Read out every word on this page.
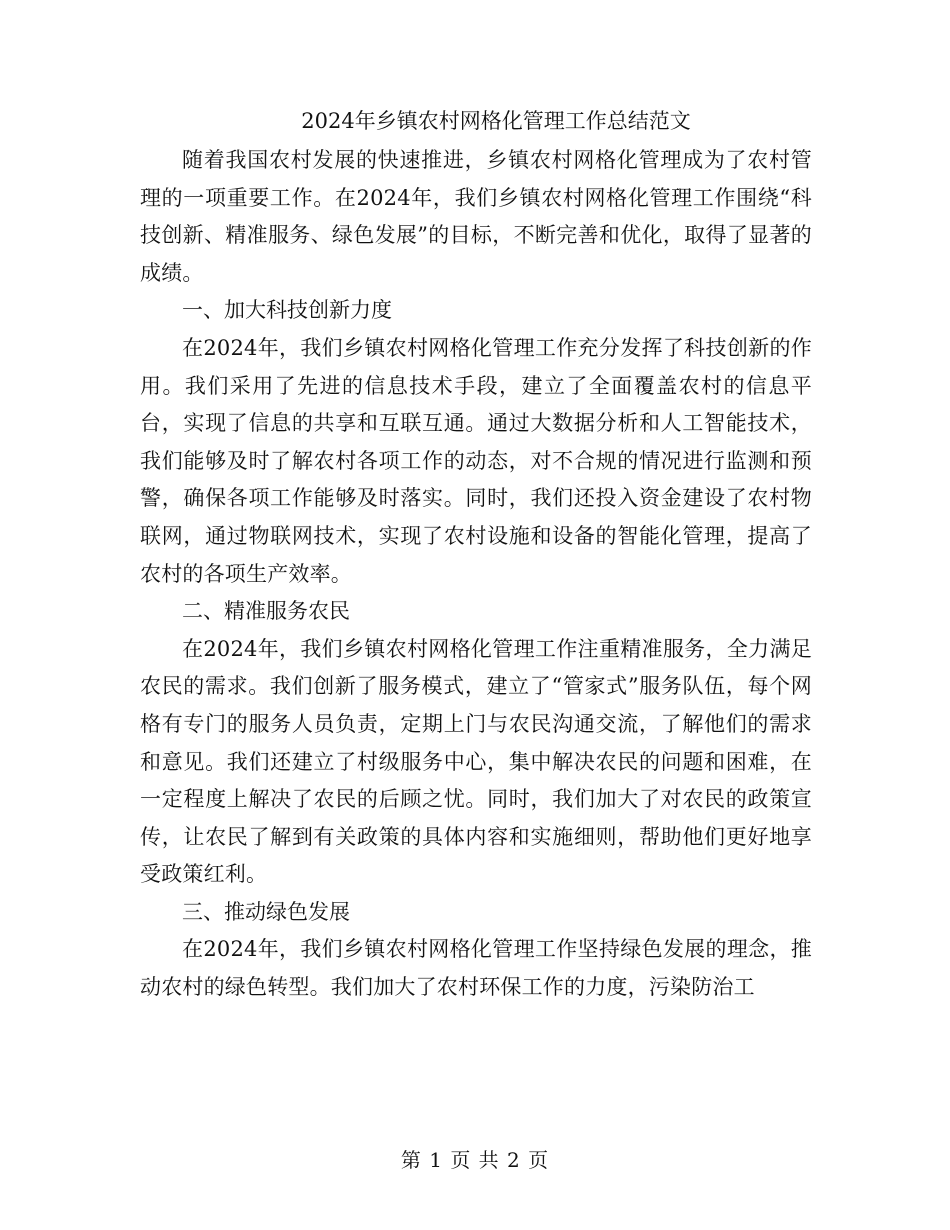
2024年乡镇农村网格化管理工作总结范文

随着我国农村发展的快速推进，乡镇农村网格化管理成为了农村管理的一项重要工作。在2024年，我们乡镇农村网格化管理工作围绕“科技创新、精准服务、绿色发展”的目标，不断完善和优化，取得了显著的成绩。

一、加大科技创新力度

在2024年，我们乡镇农村网格化管理工作充分发挥了科技创新的作用。我们采用了先进的信息技术手段，建立了全面覆盖农村的信息平台，实现了信息的共享和互联互通。通过大数据分析和人工智能技术，我们能够及时了解农村各项工作的动态，对不合规的情况进行监测和预警，确保各项工作能够及时落实。同时，我们还投入资金建设了农村物联网，通过物联网技术，实现了农村设施和设备的智能化管理，提高了农村的各项生产效率。

二、精准服务农民

在2024年，我们乡镇农村网格化管理工作注重精准服务，全力满足农民的需求。我们创新了服务模式，建立了“管家式”服务队伍，每个网格有专门的服务人员负责，定期上门与农民沟通交流，了解他们的需求和意见。我们还建立了村级服务中心，集中解决农民的问题和困难，在一定程度上解决了农民的后顾之忧。同时，我们加大了对农民的政策宣传，让农民了解到有关政策的具体内容和实施细则，帮助他们更好地享受政策红利。

三、推动绿色发展

在2024年，我们乡镇农村网格化管理工作坚持绿色发展的理念，推动农村的绿色转型。我们加大了农村环保工作的力度，污染防治工

第 1 页 共 2 页
